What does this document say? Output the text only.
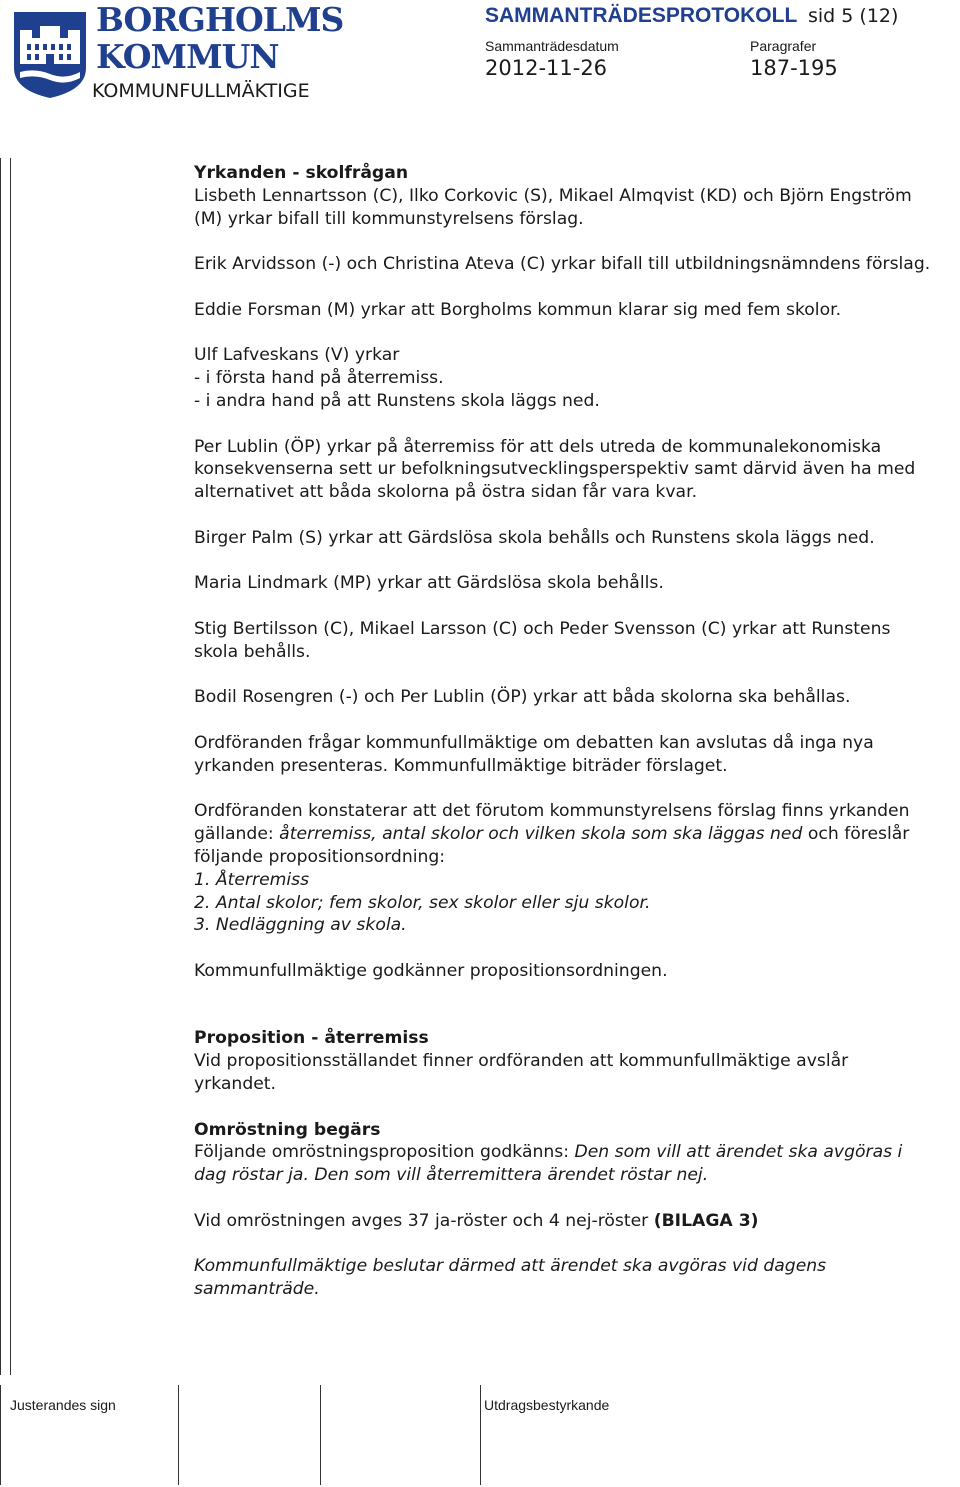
BORGHOLMS
KOMMUN
KOMMUNFULLMÄKTIGE
SAMMANTRÄDESPROTOKOLL sid 5 (12)
Sammanträdesdatum	Paragrafer
2012-11-26	187-195
Yrkanden - skolfrågan

Lisbeth Lennartsson (C), Ilko Corkovic (S), Mikael Almqvist (KD) och Björn Engström (M) yrkar bifall till kommunstyrelsens förslag.

Erik Arvidsson (-) och Christina Ateva (C) yrkar bifall till utbildningsnämndens förslag.

Eddie Forsman (M) yrkar att Borgholms kommun klarar sig med fem skolor.

Ulf Lafveskans (V) yrkar
- i första hand på återremiss.

- i andra hand på att Runstens skola läggs ned.

Per Lublin (ÖP) yrkar på återremiss för att dels utreda de kommunalekonomiska konsekvenserna sett ur befolkningsutvecklingsperspektiv samt därvid även ha med alternativet att båda skolorna på östra sidan får vara kvar.

Birger Palm (S) yrkar att Gärdslösa skola behålls och Runstens skola läggs ned.

Maria Lindmark (MP) yrkar att Gärdslösa skola behålls.

Stig Bertilsson (C), Mikael Larsson (C) och Peder Svensson (C) yrkar att Runstens skola behålls.

Bodil Rosengren (-) och Per Lublin (ÖP) yrkar att båda skolorna ska behållas.

Ordföranden frågar kommunfullmäktige om debatten kan avslutas då inga nya yrkanden presenteras. Kommunfullmäktige biträder förslaget.

Ordföranden konstaterar att det förutom kommunstyrelsens förslag finns yrkanden gällande: återremiss, antal skolor och vilken skola som ska läggas ned och föreslår följande propositionsordning:
1. Återremiss
2. Antal skolor; fem skolor, sex skolor eller sju skolor.

3. Nedläggning av skola.

Kommunfullmäktige godkänner propositionsordningen.

Proposition - återremiss

Vid propositionsställandet finner ordföranden att kommunfullmäktige avslår yrkandet.

Omröstning begärs

Följande omröstningsproposition godkänns: Den som vill att ärendet ska avgöras i dag röstar ja. Den som vill återremittera ärendet röstar nej.

Vid omröstningen avges 37 ja-röster och 4 nej-röster (BILAGA 3)

Kommunfullmäktige beslutar därmed att ärendet ska avgöras vid dagens sammanträde.

Justerandes sign	Utdragsbestyrkande
